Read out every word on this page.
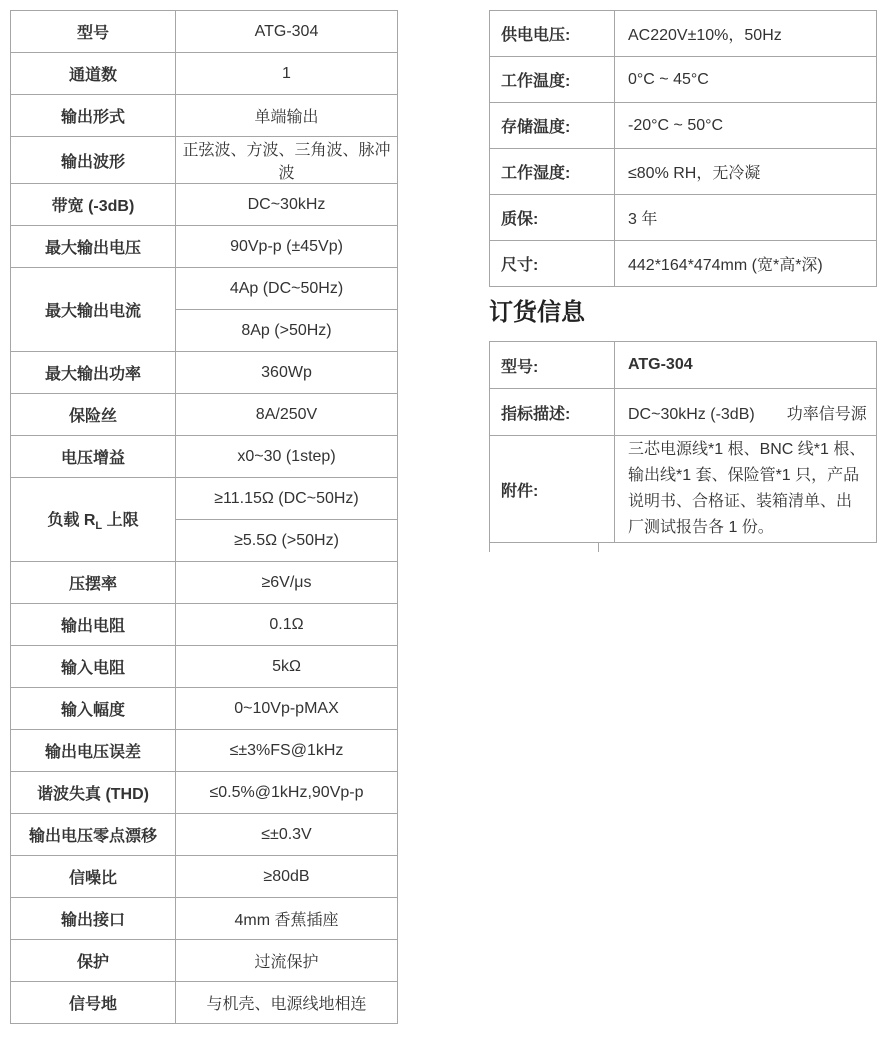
型号	ATG-304
通道数	1
输出形式	单端输出
输出波形	正弦波、方波、三角波、脉冲波
带宽 (-3dB)	DC~30kHz
最大输出电压	90Vp-p (±45Vp)
最大输出电流	4Ap (DC~50Hz)
	8Ap (>50Hz)
最大输出功率	360Wp
保险丝	8A/250V
电压增益	x0~30 (1step)
负载 $R_L$ 上限	≥11.15Ω (DC~50Hz)
	≥5.5Ω (>50Hz)
压摆率	≥6V/μs
输出电阻	0.1Ω
输入电阻	5kΩ
输入幅度	0~10Vp-pMAX
输出电压误差	≤±3%FS@1kHz
谐波失真 (THD)	≤0.5%@1kHz,90Vp-p
输出电压零点漂移	≤±0.3V
信噪比	≥80dB
输出接口	4mm 香蕉插座
保护	过流保护
信号地	与机壳、电源线地相连
供电电压:	AC220V±10%，50Hz
工作温度:	0°C ~ 45°C
存储温度:	-20°C ~ 50°C
工作湿度:	≤80% RH，无冷凝
质保:	3 年
尺寸:	442*164*474mm (宽*高*深)
订货信息
型号:	ATG-304
指标描述:	DC~30kHz (-3dB)　　功率信号源
附件:	三芯电源线*1 根、BNC 线*1 根、输出线*1 套、保险管*1 只，产品说明书、合格证、装箱清单、出厂测试报告各 1 份。
